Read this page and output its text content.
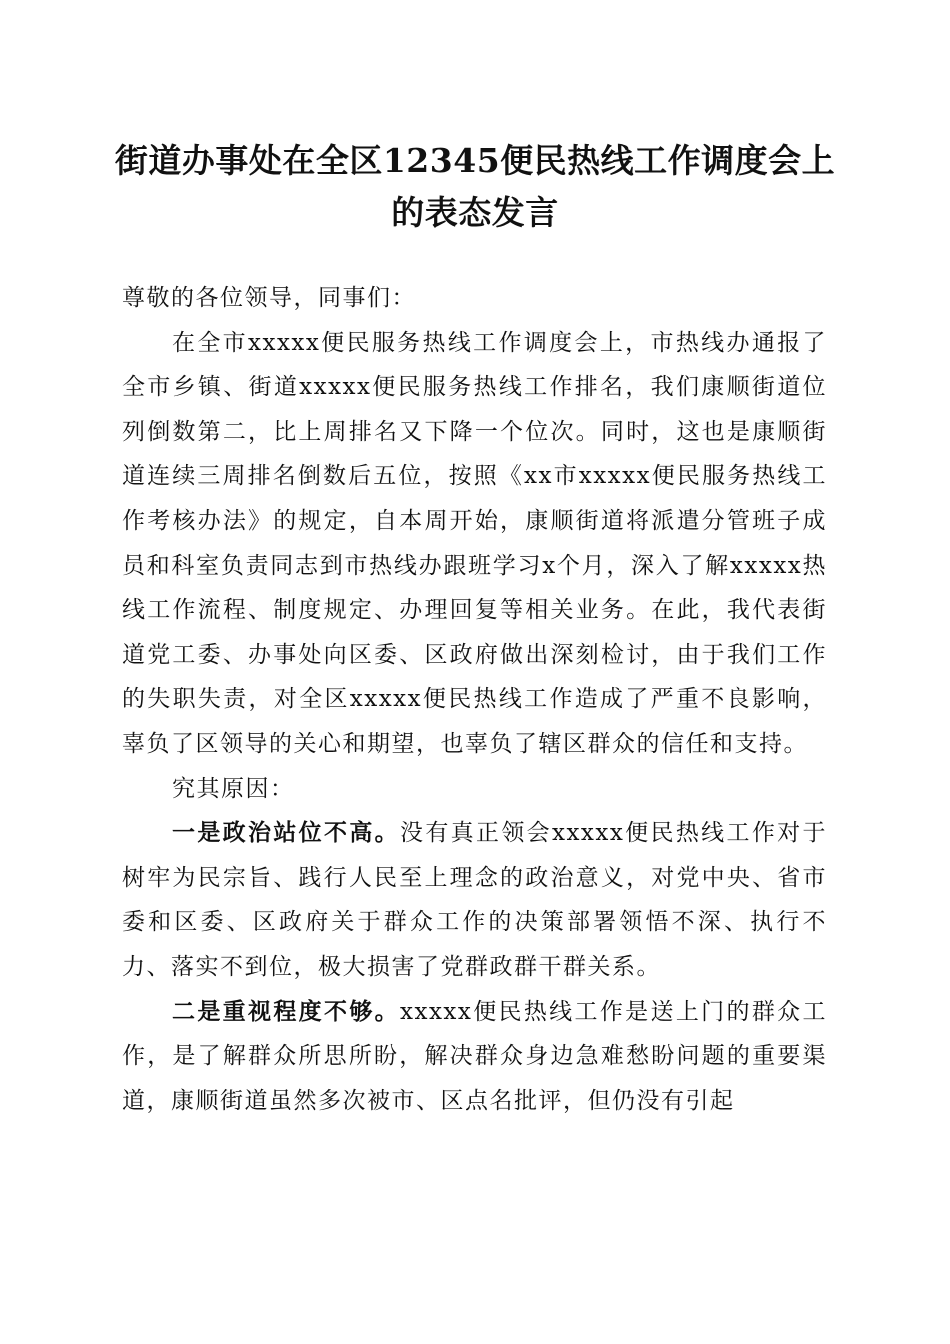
街道办事处在全区12345便民热线工作调度会上的表态发言

尊敬的各位领导，同事们：

在全市xxxxx便民服务热线工作调度会上，市热线办通报了全市乡镇、街道xxxxx便民服务热线工作排名，我们康顺街道位列倒数第二，比上周排名又下降一个位次。同时，这也是康顺街道连续三周排名倒数后五位，按照《xx市xxxxx便民服务热线工作考核办法》的规定，自本周开始，康顺街道将派遣分管班子成员和科室负责同志到市热线办跟班学习x个月，深入了解xxxxx热线工作流程、制度规定、办理回复等相关业务。在此，我代表街道党工委、办事处向区委、区政府做出深刻检讨，由于我们工作的失职失责，对全区xxxxx便民热线工作造成了严重不良影响，辜负了区领导的关心和期望，也辜负了辖区群众的信任和支持。

究其原因：

一是政治站位不高。没有真正领会xxxxx便民热线工作对于树牢为民宗旨、践行人民至上理念的政治意义，对党中央、省市委和区委、区政府关于群众工作的决策部署领悟不深、执行不力、落实不到位，极大损害了党群政群干群关系。

二是重视程度不够。xxxxx便民热线工作是送上门的群众工作，是了解群众所思所盼，解决群众身边急难愁盼问题的重要渠道，康顺街道虽然多次被市、区点名批评，但仍没有引起
